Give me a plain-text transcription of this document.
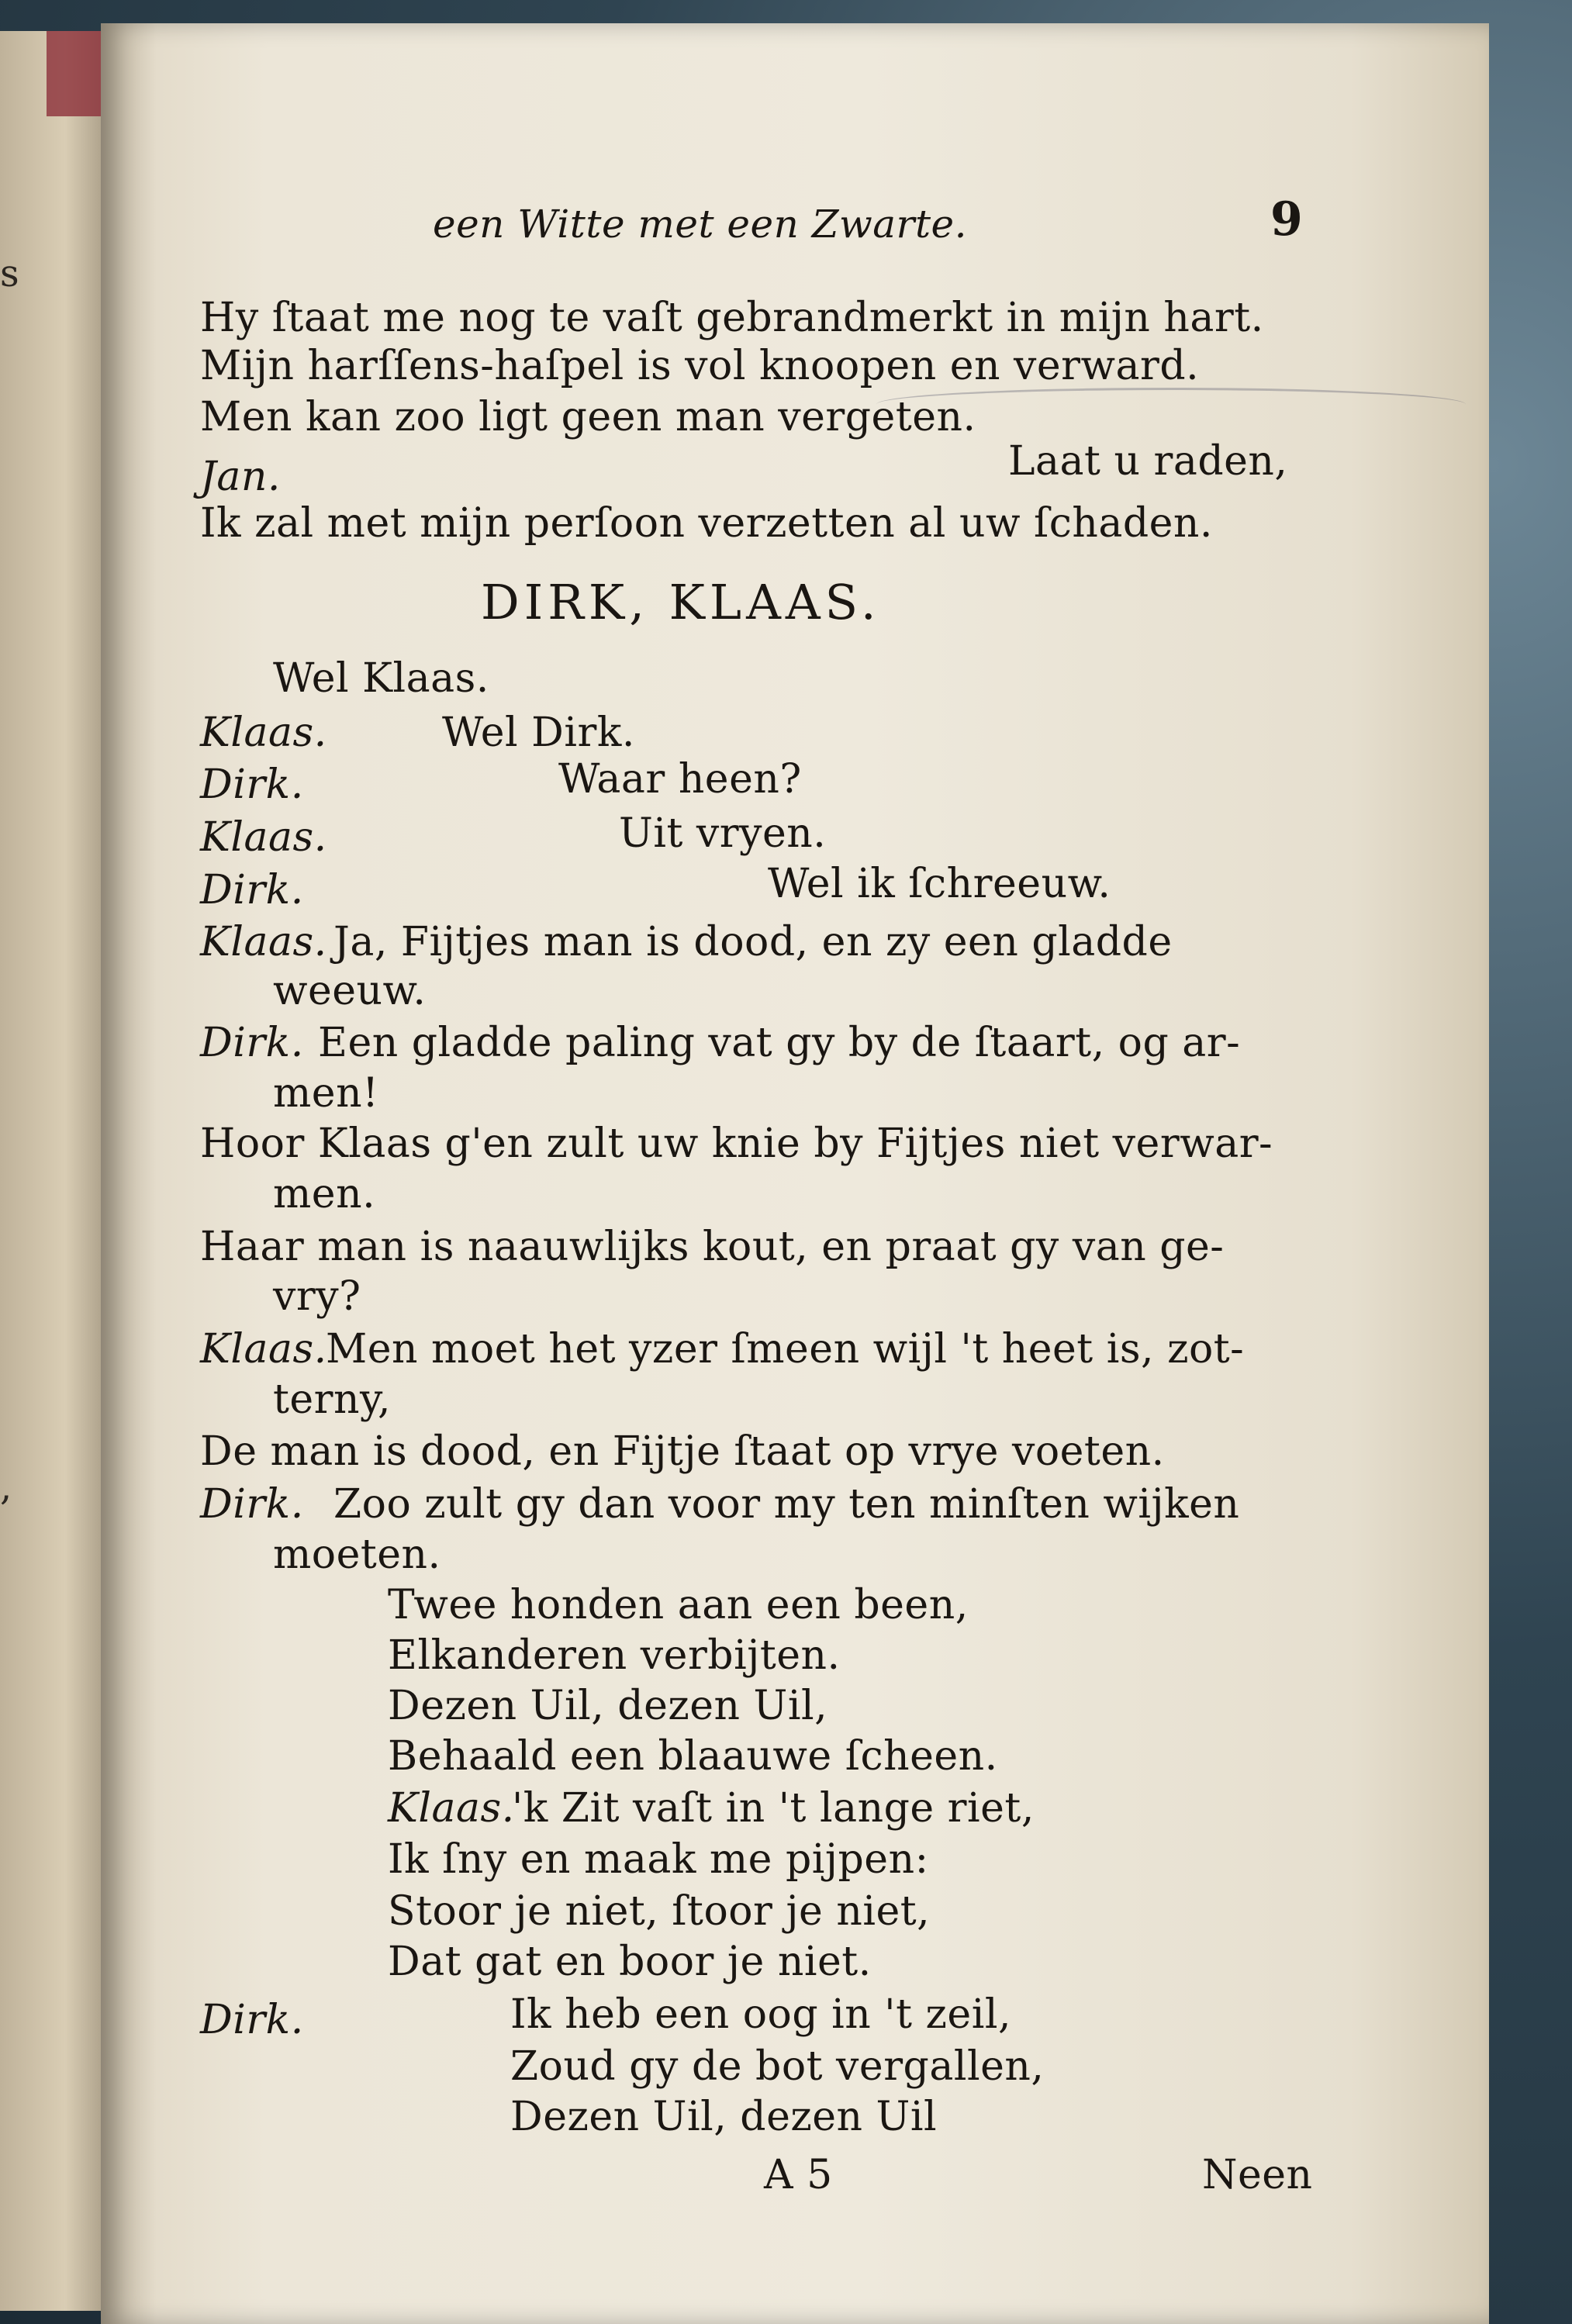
s
,
een Witte met een Zwarte.	9
Hy ſtaat me nog te vaſt gebrandmerkt in mijn hart.
Mijn harſſens-haſpel is vol knoopen en verward.
Men kan zoo ligt geen man vergeten.
Jan.	Laat u raden,
Ik zal met mijn perſoon verzetten al uw ſchaden.
DIRK, KLAAS.
Wel Klaas.
Klaas.	Wel Dirk.
Dirk.	Waar heen?
Klaas.	Uit vryen.
Dirk.	Wel ik ſchreeuw.
Klaas. Ja, Fijtjes man is dood, en zy een gladde
weeuw.
Dirk. Een gladde paling vat gy by de ſtaart, og ar-
men!
Hoor Klaas g'en zult uw knie by Fijtjes niet verwar-
men.
Haar man is naauwlijks kout, en praat gy van ge-
vry?
Klaas.
Men moet het yzer ſmeen wijl 't heet is, zot-
terny,
De man is dood, en Fijtje ſtaat op vrye voeten.
Dirk. Zoo zult gy dan voor my ten minſten wijken
moeten.
Twee honden aan een been,
Elkanderen verbijten.
Dezen Uil, dezen Uil,
Behaald een blaauwe ſcheen.
Klaas.
'k Zit vaſt in 't lange riet,
Ik ſny en maak me pijpen:
Stoor je niet, ſtoor je niet,
Dat gat en boor je niet.
Dirk.	Ik heb een oog in 't zeil,
Zoud gy de bot vergallen,
Dezen Uil, dezen Uil
A 5	Neen
